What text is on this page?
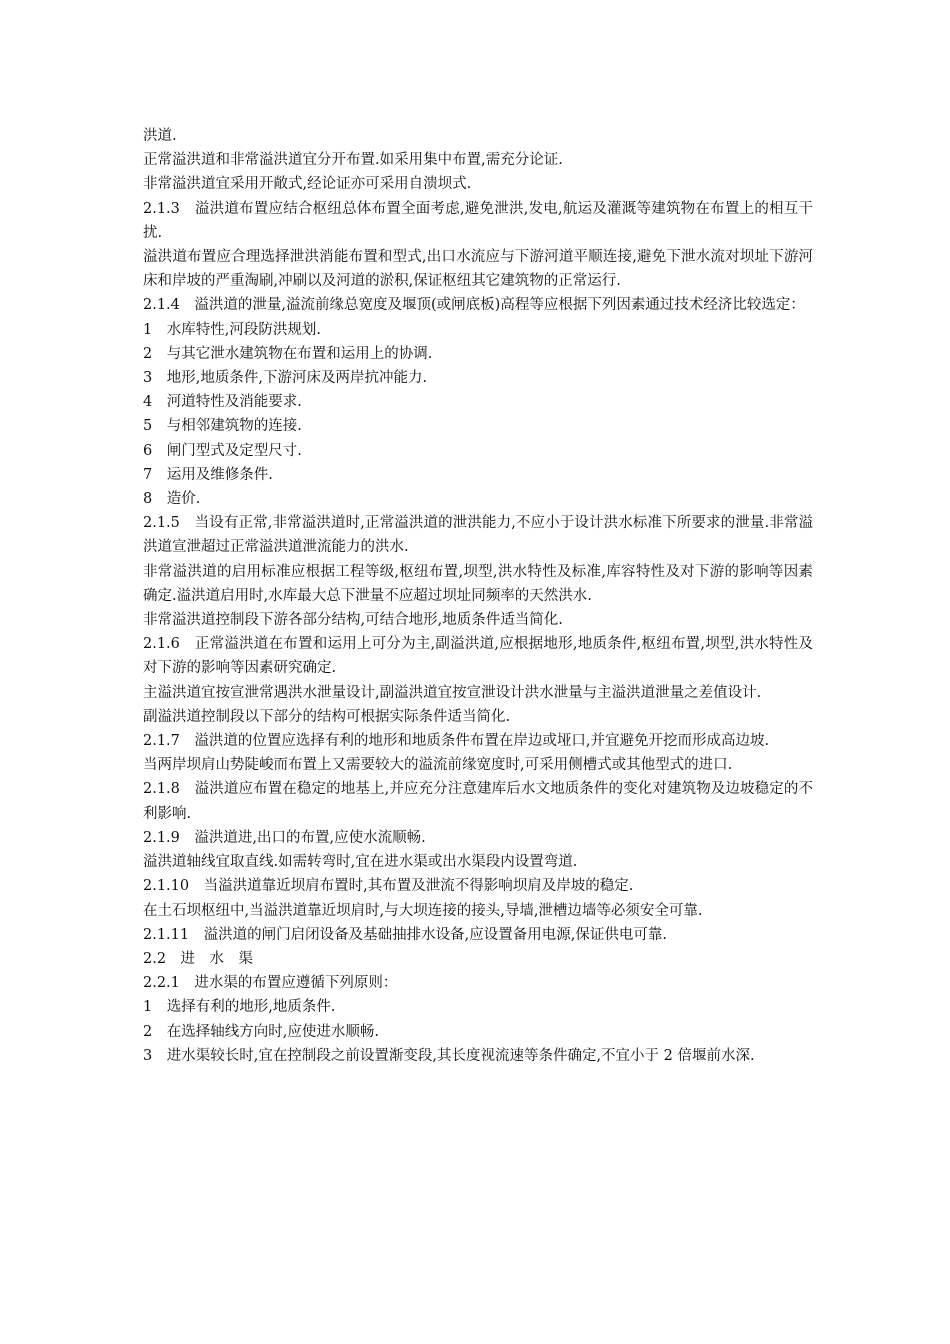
洪道.

正常溢洪道和非常溢洪道宜分开布置.如采用集中布置,需充分论证.

非常溢洪道宜采用开敞式,经论证亦可采用自溃坝式.

2.1.3　溢洪道布置应结合枢纽总体布置全面考虑,避免泄洪,发电,航运及灌溉等建筑物在布置上的相互干扰.

溢洪道布置应合理选择泄洪消能布置和型式,出口水流应与下游河道平顺连接,避免下泄水流对坝址下游河床和岸坡的严重淘刷,冲刷以及河道的淤积,保证枢纽其它建筑物的正常运行.

2.1.4　溢洪道的泄量,溢流前缘总宽度及堰顶(或闸底板)高程等应根据下列因素通过技术经济比较选定：

1　水库特性,河段防洪规划.

2　与其它泄水建筑物在布置和运用上的协调.

3　地形,地质条件,下游河床及两岸抗冲能力.

4　河道特性及消能要求.

5　与相邻建筑物的连接.

6　闸门型式及定型尺寸.

7　运用及维修条件.

8　造价.

2.1.5　当设有正常,非常溢洪道时,正常溢洪道的泄洪能力,不应小于设计洪水标准下所要求的泄量.非常溢洪道宣泄超过正常溢洪道泄流能力的洪水.

非常溢洪道的启用标准应根据工程等级,枢纽布置,坝型,洪水特性及标准,库容特性及对下游的影响等因素确定.溢洪道启用时,水库最大总下泄量不应超过坝址同频率的天然洪水.

非常溢洪道控制段下游各部分结构,可结合地形,地质条件适当简化.

2.1.6　正常溢洪道在布置和运用上可分为主,副溢洪道,应根据地形,地质条件,枢纽布置,坝型,洪水特性及对下游的影响等因素研究确定.

主溢洪道宜按宣泄常遇洪水泄量设计,副溢洪道宜按宣泄设计洪水泄量与主溢洪道泄量之差值设计.

副溢洪道控制段以下部分的结构可根据实际条件适当简化.

2.1.7　溢洪道的位置应选择有利的地形和地质条件布置在岸边或垭口,并宜避免开挖而形成高边坡.

当两岸坝肩山势陡峻而布置上又需要较大的溢流前缘宽度时,可采用侧槽式或其他型式的进口.

2.1.8　溢洪道应布置在稳定的地基上,并应充分注意建库后水文地质条件的变化对建筑物及边坡稳定的不利影响.

2.1.9　溢洪道进,出口的布置,应使水流顺畅.

溢洪道轴线宜取直线.如需转弯时,宜在进水渠或出水渠段内设置弯道.

2.1.10　当溢洪道靠近坝肩布置时,其布置及泄流不得影响坝肩及岸坡的稳定.

在土石坝枢纽中,当溢洪道靠近坝肩时,与大坝连接的接头,导墙,泄槽边墙等必须安全可靠.

2.1.11　溢洪道的闸门启闭设备及基础抽排水设备,应设置备用电源,保证供电可靠.

2.2　进　水　渠

2.2.1　进水渠的布置应遵循下列原则：

1　选择有利的地形,地质条件.

2　在选择轴线方向时,应使进水顺畅.

3　进水渠较长时,宜在控制段之前设置渐变段,其长度视流速等条件确定,不宜小于 2 倍堰前水深.
